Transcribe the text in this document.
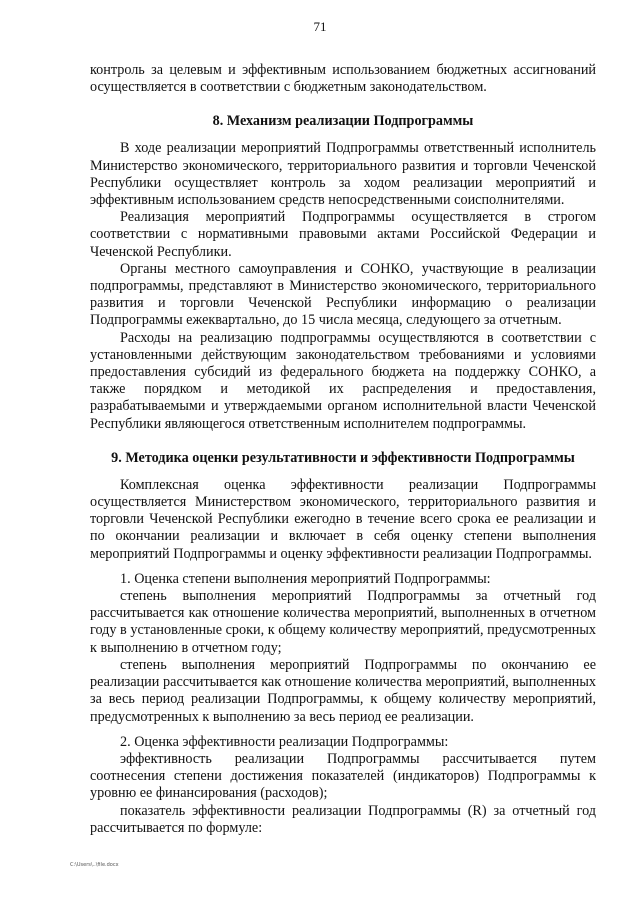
71

контроль за целевым и эффективным использованием бюджетных ассигнований осуществляется в соответствии с бюджетным законодательством.

8. Механизм реализации Подпрограммы

В ходе реализации мероприятий Подпрограммы ответственный исполнитель Министерство экономического, территориального развития и торговли Чеченской Республики осуществляет контроль за ходом реализации мероприятий и эффективным использованием средств непосредственными соисполнителями.

Реализация мероприятий Подпрограммы осуществляется в строгом соответствии с нормативными правовыми актами Российской Федерации и Чеченской Республики.

Органы местного самоуправления и СОНКО, участвующие в реализации подпрограммы, представляют в Министерство экономического, территориального развития и торговли Чеченской Республики информацию о реализации Подпрограммы ежеквартально, до 15 числа месяца, следующего за отчетным.

Расходы на реализацию подпрограммы осуществляются в соответствии с установленными действующим законодательством требованиями и условиями предоставления субсидий из федерального бюджета на поддержку СОНКО, а также порядком и методикой их распределения и предоставления, разрабатываемыми и утверждаемыми органом исполнительной власти Чеченской Республики являющегося ответственным исполнителем подпрограммы.

9. Методика оценки результативности и эффективности Подпрограммы

Комплексная оценка эффективности реализации Подпрограммы осуществляется Министерством экономического, территориального развития и торговли Чеченской Республики ежегодно в течение всего срока ее реализации и по окончании реализации и включает в себя оценку степени выполнения мероприятий Подпрограммы и оценку эффективности реализации Подпрограммы.

1. Оценка степени выполнения мероприятий Подпрограммы:

степень выполнения мероприятий Подпрограммы за отчетный год рассчитывается как отношение количества мероприятий, выполненных в отчетном году в установленные сроки, к общему количеству мероприятий, предусмотренных к выполнению в отчетном году;

степень выполнения мероприятий Подпрограммы по окончанию ее реализации рассчитывается как отношение количества мероприятий, выполненных за весь период реализации Подпрограммы, к общему количеству мероприятий, предусмотренных к выполнению за весь период ее реализации.

2. Оценка эффективности реализации Подпрограммы:

эффективность реализации Подпрограммы рассчитывается путем соотнесения степени достижения показателей (индикаторов) Подпрограммы к уровню ее финансирования (расходов);

показатель эффективности реализации Подпрограммы (R) за отчетный год рассчитывается по формуле:

C:\Users\..\file.docx
